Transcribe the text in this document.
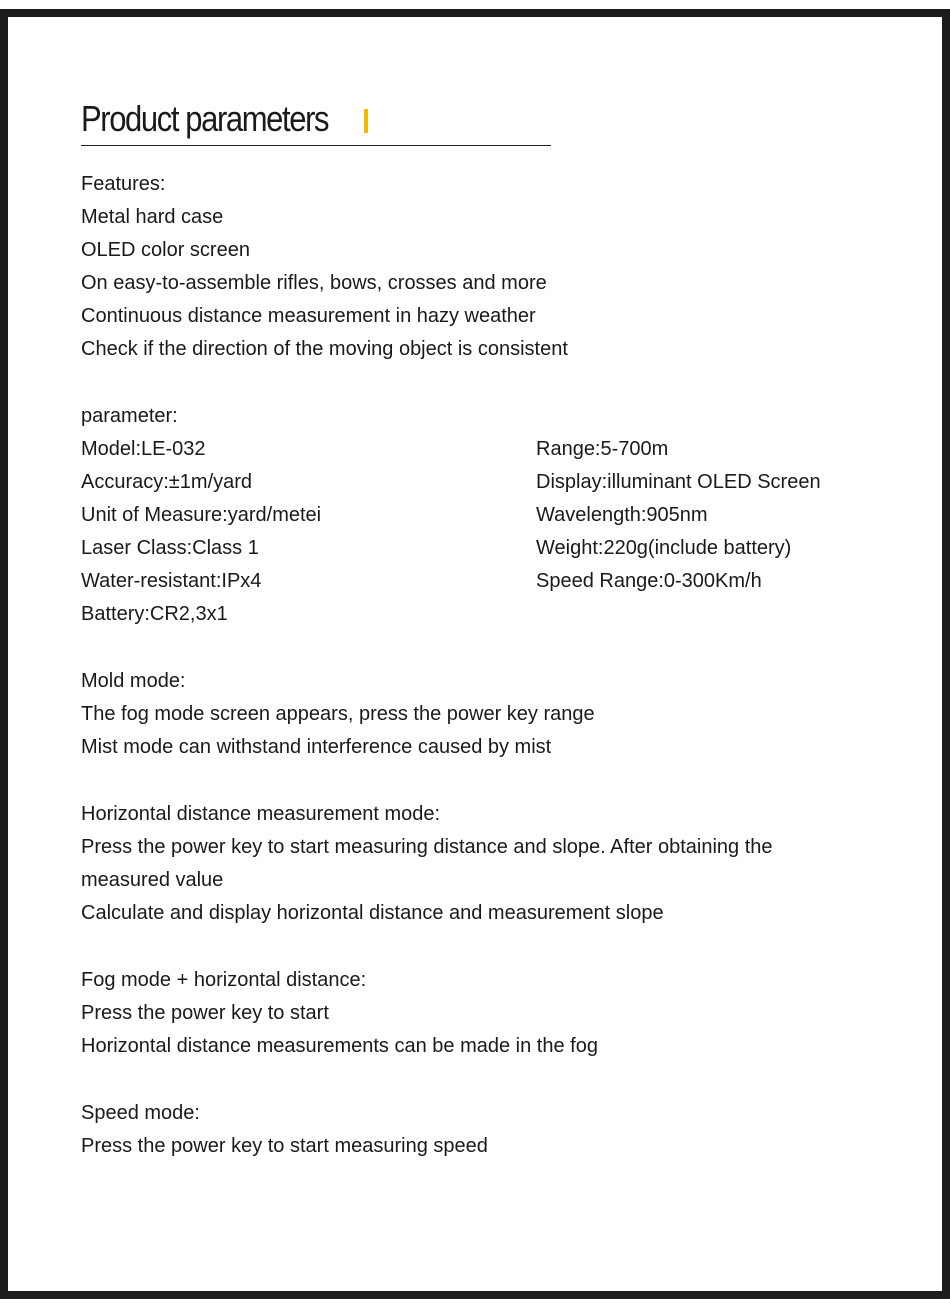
Product parameters
Features:
Metal hard case
OLED color screen
On easy-to-assemble rifles, bows, crosses and more
Continuous distance measurement in hazy weather
Check if the direction of the moving object is consistent
parameter:
Model:LE-032
Accuracy:±1m/yard
Unit of Measure:yard/metei
Laser Class:Class 1
Water-resistant:IPx4
Battery:CR2,3x1
Range:5-700m
Display:illuminant OLED Screen
Wavelength:905nm
Weight:220g(include battery)
Speed Range:0-300Km/h
Mold mode:
The fog mode screen appears, press the power key range
Mist mode can withstand interference caused by mist
Horizontal distance measurement mode:
Press the power key to start measuring distance and slope. After obtaining the
measured value
Calculate and display horizontal distance and measurement slope
Fog mode + horizontal distance:
Press the power key to start
Horizontal distance measurements can be made in the fog
Speed mode:
Press the power key to start measuring speed
